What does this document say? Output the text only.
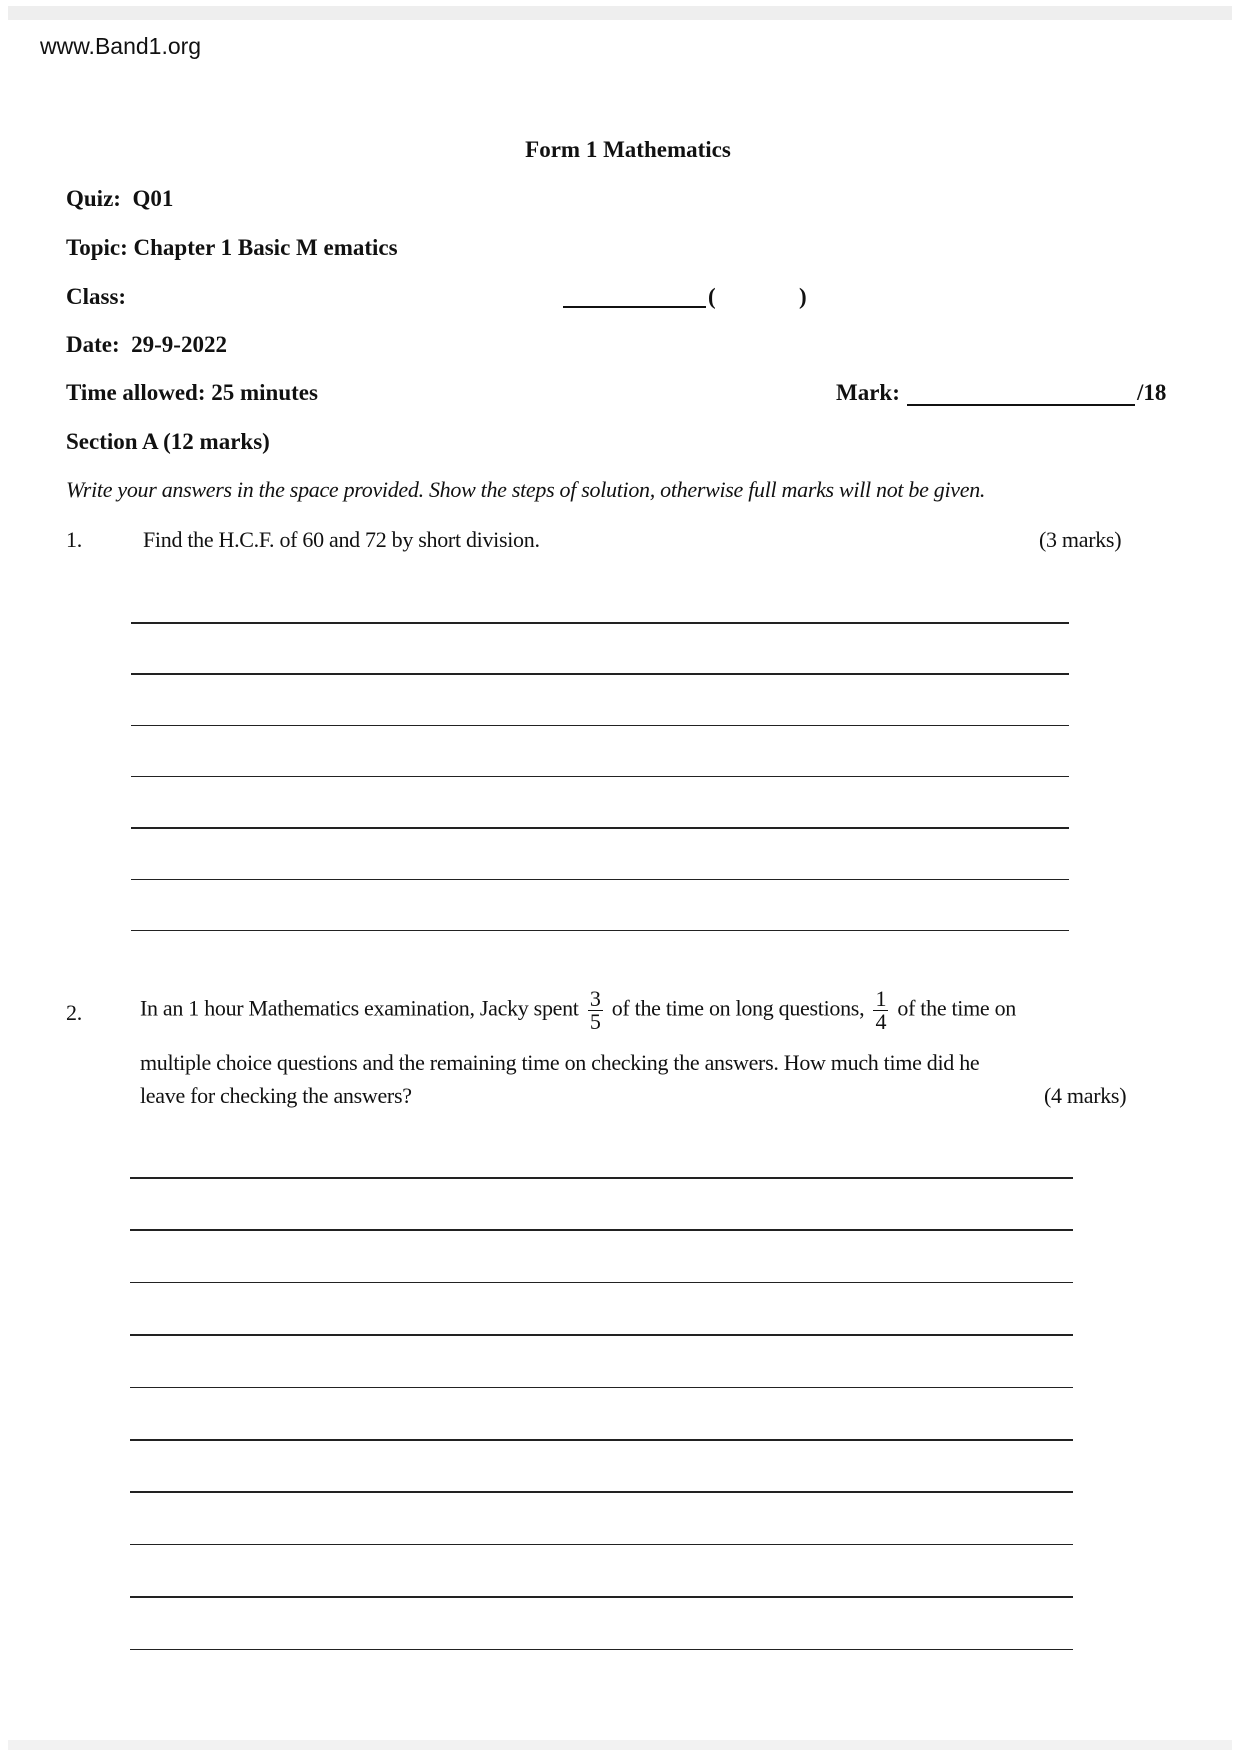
www.Band1.org
Form 1 Mathematics
Quiz: Q01
Topic: Chapter 1 Basic M ematics
Class:	(	)
Date: 29-9-2022
Time allowed: 25 minutes	Mark:	/18
Section A (12 marks)
Write your answers in the space provided. Show the steps of solution, otherwise full marks will not be given.
1.	Find the H.C.F. of 60 and 72 by short division.	(3 marks)
2.	In an 1 hour Mathematics examination, Jacky spent $\frac{3}{5}$ of the time on long questions, $\frac{1}{4}$ of the time on
multiple choice questions and the remaining time on checking the answers. How much time did he
leave for checking the answers?	(4 marks)
